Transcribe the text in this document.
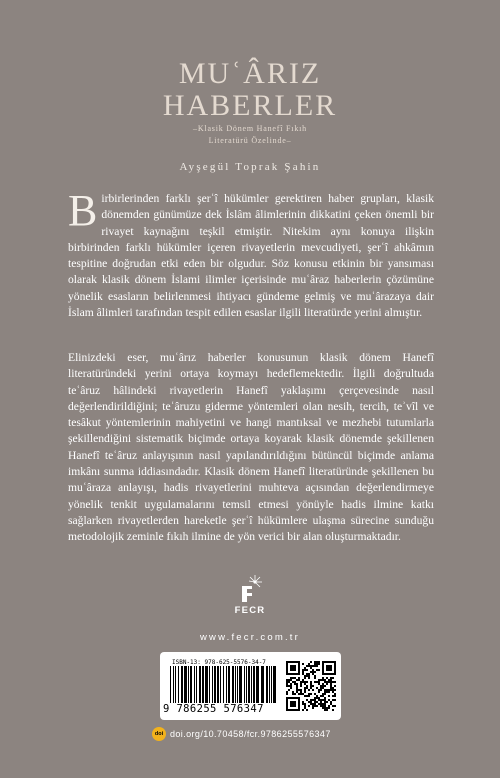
MUʿÂRIZ
HABERLER
–Klasik Dönem Hanefî Fıkıh
Literatürü Özelinde–
Ayşegül Toprak Şahin
Birbirlerinden farklı şerʿî hükümler gerektiren haber grupları, klasik dönemden günümüze dek İslâm âlimlerinin dikkatini çeken önemli bir rivayet kaynağını teşkil etmiştir. Nitekim aynı konuya ilişkin birbirinden farklı hükümler içeren rivayetlerin mevcudiyeti, şerʿî ahkâmın tespitine doğrudan etki eden bir olgudur. Söz konusu etkinin bir yansıması olarak klasik dönem İslami ilimler içerisinde muʿâraz haberlerin çözümüne yönelik esasların belirlenmesi ihtiyacı gündeme gelmiş ve muʿârazaya dair İslam âlimleri tarafından tespit edilen esaslar ilgili literatürde yerini almıştır.
Elinizdeki eser, muʿârız haberler konusunun klasik dönem Hanefî literatüründeki yerini ortaya koymayı hedeflemektedir. İlgili doğrultuda teʿâruz hâlindeki rivayetlerin Hanefî yaklaşımı çerçevesinde nasıl değerlendirildiğini; teʿâruzu giderme yöntemleri olan nesih, tercih, teʾvîl ve tesâkut yöntemlerinin mahiyetini ve hangi mantıksal ve mezhebi tutumlarla şekillendiğini sistematik biçimde ortaya koyarak klasik dönemde şekillenen Hanefî teʿâruz anlayışının nasıl yapılandırıldığını bütüncül biçimde anlama imkânı sunma iddiasındadır. Klasik dönem Hanefî literatüründe şekillenen bu muʿâraza anlayışı, hadis rivayetlerini muhteva açısından değerlendirmeye yönelik tenkit uygulamalarını temsil etmesi yönüyle hadis ilmine katkı sağlarken rivayetlerden hareketle şerʿî hükümlere ulaşma sürecine sunduğu metodolojik zeminle fıkıh ilmine de yön verici bir alan oluşturmaktadır.
FECR
www.fecr.com.tr
ISBN-13: 978-625-5576-34-7
9 786255 576347
doi doi.org/10.70458/fcr.9786255576347
